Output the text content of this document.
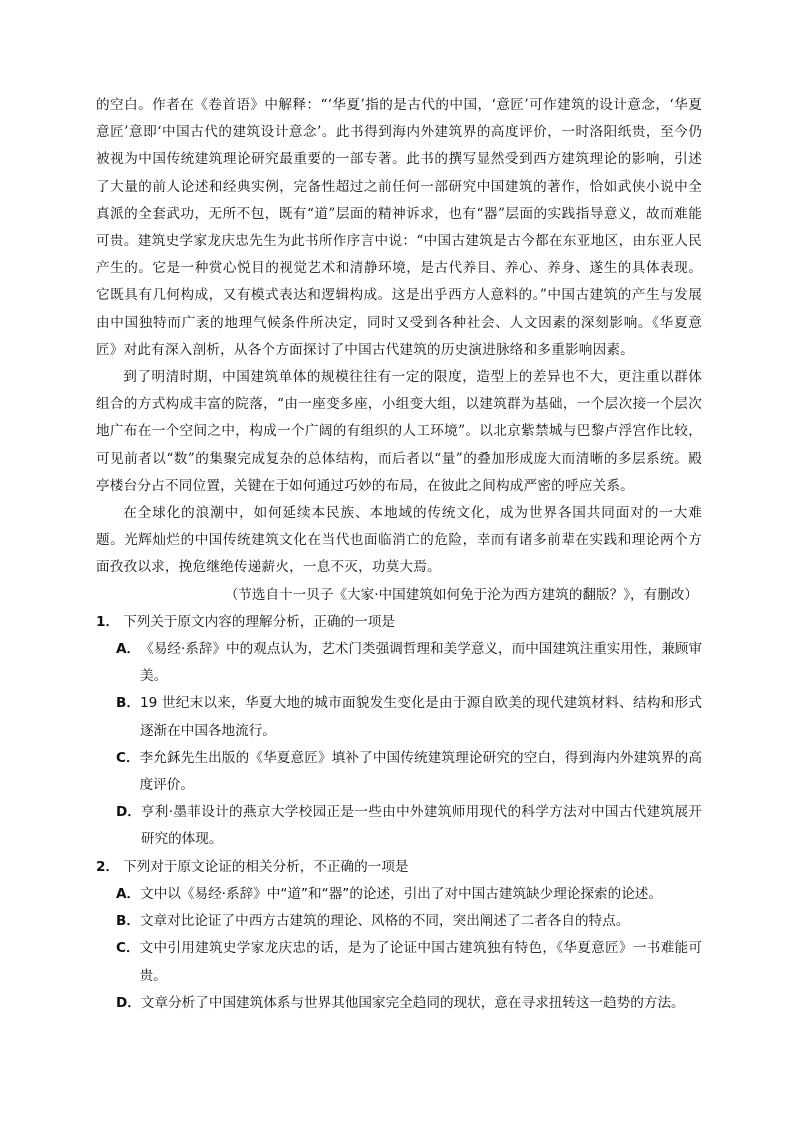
的空白。作者在《卷首语》中解释：“‘华夏’指的是古代的中国，‘意匠’可作建筑的设计意念，‘华夏意匠’意即‘中国古代的建筑设计意念’。此书得到海内外建筑界的高度评价，一时洛阳纸贵，至今仍被视为中国传统建筑理论研究最重要的一部专著。此书的撰写显然受到西方建筑理论的影响，引述了大量的前人论述和经典实例，完备性超过之前任何一部研究中国建筑的著作，恰如武侠小说中全真派的全套武功，无所不包，既有“道”层面的精神诉求，也有“器”层面的实践指导意义，故而难能可贵。建筑史学家龙庆忠先生为此书所作序言中说：“中国古建筑是古今都在东亚地区，由东亚人民产生的。它是一种赏心悦目的视觉艺术和清静环境，是古代养目、养心、养身、遂生的具体表现。它既具有几何构成，又有模式表达和逻辑构成。这是出乎西方人意料的。”中国古建筑的产生与发展由中国独特而广袤的地理气候条件所决定，同时又受到各种社会、人文因素的深刻影响。《华夏意匠》对此有深入剖析，从各个方面探讨了中国古代建筑的历史演进脉络和多重影响因素。

到了明清时期，中国建筑单体的规模往往有一定的限度，造型上的差异也不大，更注重以群体组合的方式构成丰富的院落，“由一座变多座，小组变大组，以建筑群为基础，一个层次接一个层次地广布在一个空间之中，构成一个广阔的有组织的人工环境”。以北京紫禁城与巴黎卢浮宫作比较，可见前者以“数”的集聚完成复杂的总体结构，而后者以“量”的叠加形成庞大而清晰的多层系统。殿亭楼台分占不同位置，关键在于如何通过巧妙的布局，在彼此之间构成严密的呼应关系。

在全球化的浪潮中，如何延续本民族、本地域的传统文化，成为世界各国共同面对的一大难题。光辉灿烂的中国传统建筑文化在当代也面临消亡的危险，幸而有诸多前辈在实践和理论两个方面孜孜以求，挽危继绝传递薪火，一息不灭，功莫大焉。

（节选自十一贝子《大家·中国建筑如何免于沦为西方建筑的翻版？》，有删改）

1． 下列关于原文内容的理解分析，正确的一项是

A． 《易经·系辞》中的观点认为，艺术门类强调哲理和美学意义，而中国建筑注重实用性，兼顾审美。
B． 19 世纪末以来，华夏大地的城市面貌发生变化是由于源自欧美的现代建筑材料、结构和形式逐渐在中国各地流行。
C． 李允鉌先生出版的《华夏意匠》填补了中国传统建筑理论研究的空白，得到海内外建筑界的高度评价。
D． 亨利·墨菲设计的燕京大学校园正是一些由中外建筑师用现代的科学方法对中国古代建筑展开研究的体现。

2． 下列对于原文论证的相关分析，不正确的一项是

A． 文中以《易经·系辞》中“道”和“器”的论述，引出了对中国古建筑缺少理论探索的论述。
B． 文章对比论证了中西方古建筑的理论、风格的不同，突出阐述了二者各自的特点。
C． 文中引用建筑史学家龙庆忠的话，是为了论证中国古建筑独有特色，《华夏意匠》一书难能可贵。
D． 文章分析了中国建筑体系与世界其他国家完全趋同的现状，意在寻求扭转这一趋势的方法。
